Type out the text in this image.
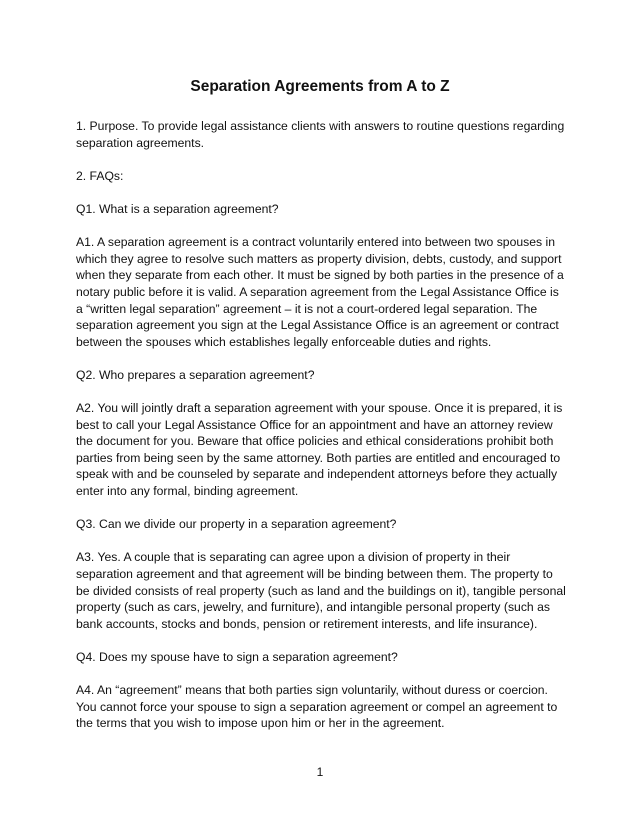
Separation Agreements from A to Z

1. Purpose. To provide legal assistance clients with answers to routine questions regarding separation agreements.

2. FAQs:

Q1. What is a separation agreement?

A1. A separation agreement is a contract voluntarily entered into between two spouses in which they agree to resolve such matters as property division, debts, custody, and support when they separate from each other. It must be signed by both parties in the presence of a notary public before it is valid. A separation agreement from the Legal Assistance Office is a “written legal separation” agreement – it is not a court-ordered legal separation. The separation agreement you sign at the Legal Assistance Office is an agreement or contract between the spouses which establishes legally enforceable duties and rights.

Q2. Who prepares a separation agreement?

A2. You will jointly draft a separation agreement with your spouse. Once it is prepared, it is best to call your Legal Assistance Office for an appointment and have an attorney review the document for you. Beware that office policies and ethical considerations prohibit both parties from being seen by the same attorney. Both parties are entitled and encouraged to speak with and be counseled by separate and independent attorneys before they actually enter into any formal, binding agreement.

Q3. Can we divide our property in a separation agreement?

A3. Yes. A couple that is separating can agree upon a division of property in their separation agreement and that agreement will be binding between them. The property to be divided consists of real property (such as land and the buildings on it), tangible personal property (such as cars, jewelry, and furniture), and intangible personal property (such as bank accounts, stocks and bonds, pension or retirement interests, and life insurance).

Q4. Does my spouse have to sign a separation agreement?

A4. An “agreement” means that both parties sign voluntarily, without duress or coercion. You cannot force your spouse to sign a separation agreement or compel an agreement to the terms that you wish to impose upon him or her in the agreement.

1
